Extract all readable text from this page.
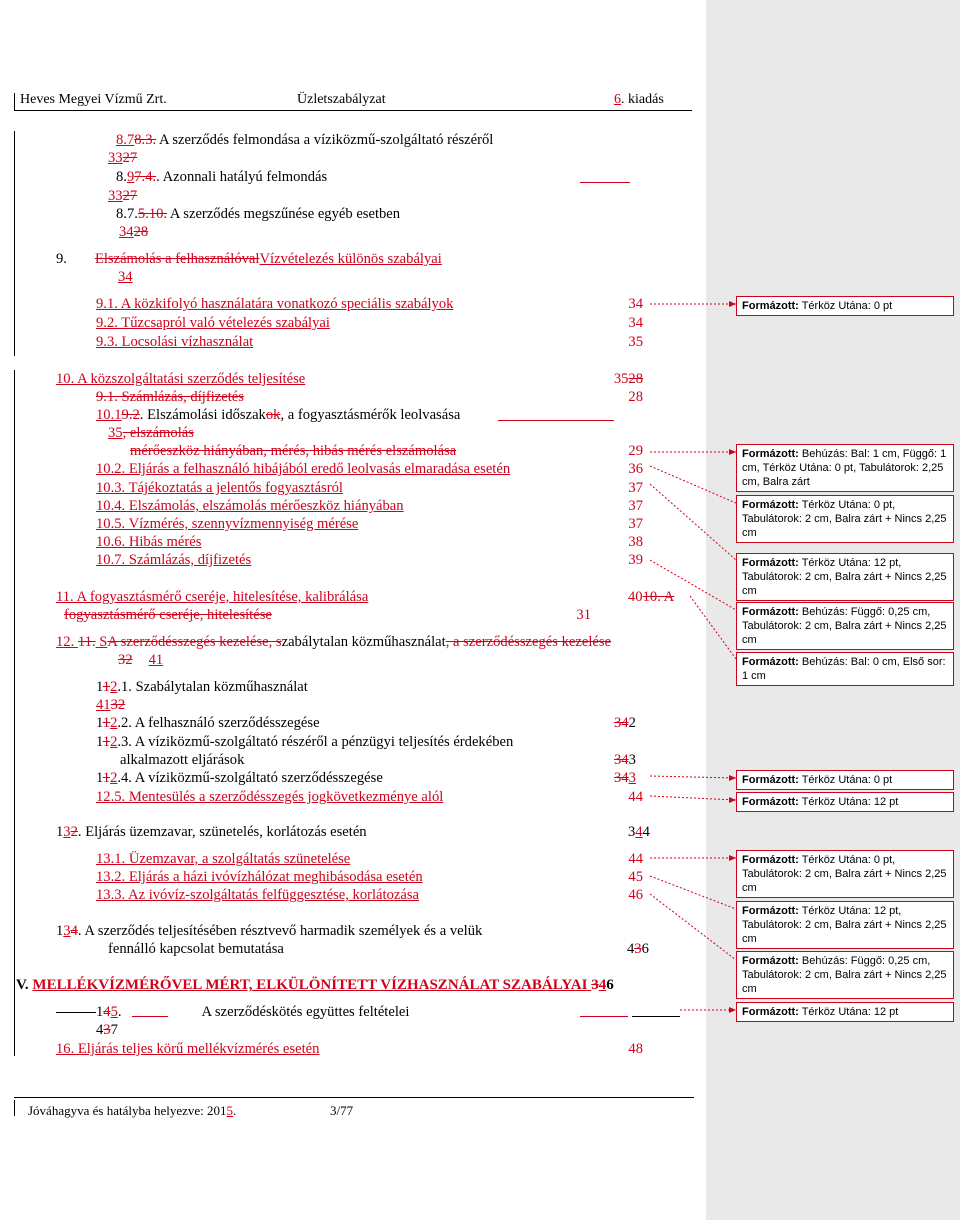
Heves Megyei Vízmű Zrt.	Üzletszabályzat	6. kiadás
8.78.3. A szerződés felmondása a víziközmű-szolgáltató részéről
3327
8.97.4.. Azonnali hatályú felmondás
3327
8.7.5.10. A szerződés megszűnése egyéb esetben
3428
9. Elszámolás a felhasználóvalVízvételezés különös szabályai
34
9.1. A közkifolyó használatára vonatkozó speciális szabályok	34
9.2. Tűzcsapról való vételezés szabályai	34
9.3. Locsolási vízhasználat	35
10. A közszolgáltatási szerződés teljesítése	3528
9.1. Számlázás, díjfizetés	28
10.19.2. Elszámolási időszakok, a fogyasztásmérők leolvasása
35, elszámolás
mérőeszköz hiányában, mérés, hibás mérés elszámolása	29
10.2. Eljárás a felhasználó hibájából eredő leolvasás elmaradása esetén	36
10.3. Tájékoztatás a jelentős fogyasztásról	37
10.4. Elszámolás, elszámolás mérőeszköz hiányában	37
10.5. Vízmérés, szennyvízmennyiség mérése	37
10.6. Hibás mérés	38
10.7. Számlázás, díjfizetés	39
11. A fogyasztásmérő cseréje, hitelesítése, kalibrálása	4010. A
fogyasztásmérő cseréje, hitelesítése	31
12. 11. SA szerződésszegés kezelése, szabálytalan közműhasználat, a szerződésszegés kezelése
32 41
112.1. Szabálytalan közműhasználat
4132
112.2. A felhasználó szerződésszegése	342
112.3. A víziközmű-szolgáltató részéről a pénzügyi teljesítés érdekében
alkalmazott eljárások	343
112.4. A víziközmű-szolgáltató szerződésszegése	343
12.5. Mentesülés a szerződésszegés jogkövetkezménye alól	44
132. Eljárás üzemzavar, szünetelés, korlátozás esetén	344
13.1. Üzemzavar, a szolgáltatás szünetelése	44
13.2. Eljárás a házi ivóvízhálózat meghibásodása esetén	45
13.3. Az ivóvíz-szolgáltatás felfüggesztése, korlátozása	46
134. A szerződés teljesítésében résztvevő harmadik személyek és a velük
fennálló kapcsolat bemutatása	436
V. MELLÉKVÍZMÉRŐVEL MÉRT, ELKÜLÖNÍTETT VÍZHASZNÁLAT SZABÁLYAI 346
145.	A szerződéskötés együttes feltételei
437
16. Eljárás teljes körű mellékvízmérés esetén	48
Jóváhagyva és hatályba helyezve: 2015.	3/77
Formázott: Térköz Utána: 0 pt
Formázott: Behúzás: Bal: 1 cm, Függő: 1 cm, Térköz Utána: 0 pt, Tabulátorok: 2,25 cm, Balra zárt
Formázott: Térköz Utána: 0 pt, Tabulátorok: 2 cm, Balra zárt + Nincs 2,25 cm
Formázott: Térköz Utána: 12 pt, Tabulátorok: 2 cm, Balra zárt + Nincs 2,25 cm
Formázott: Behúzás: Függő: 0,25 cm, Tabulátorok: 2 cm, Balra zárt + Nincs 2,25 cm
Formázott: Behúzás: Bal: 0 cm, Első sor: 1 cm
Formázott: Térköz Utána: 0 pt
Formázott: Térköz Utána: 12 pt
Formázott: Térköz Utána: 0 pt, Tabulátorok: 2 cm, Balra zárt + Nincs 2,25 cm
Formázott: Térköz Utána: 12 pt, Tabulátorok: 2 cm, Balra zárt + Nincs 2,25 cm
Formázott: Behúzás: Függő: 0,25 cm, Tabulátorok: 2 cm, Balra zárt + Nincs 2,25 cm
Formázott: Térköz Utána: 12 pt
